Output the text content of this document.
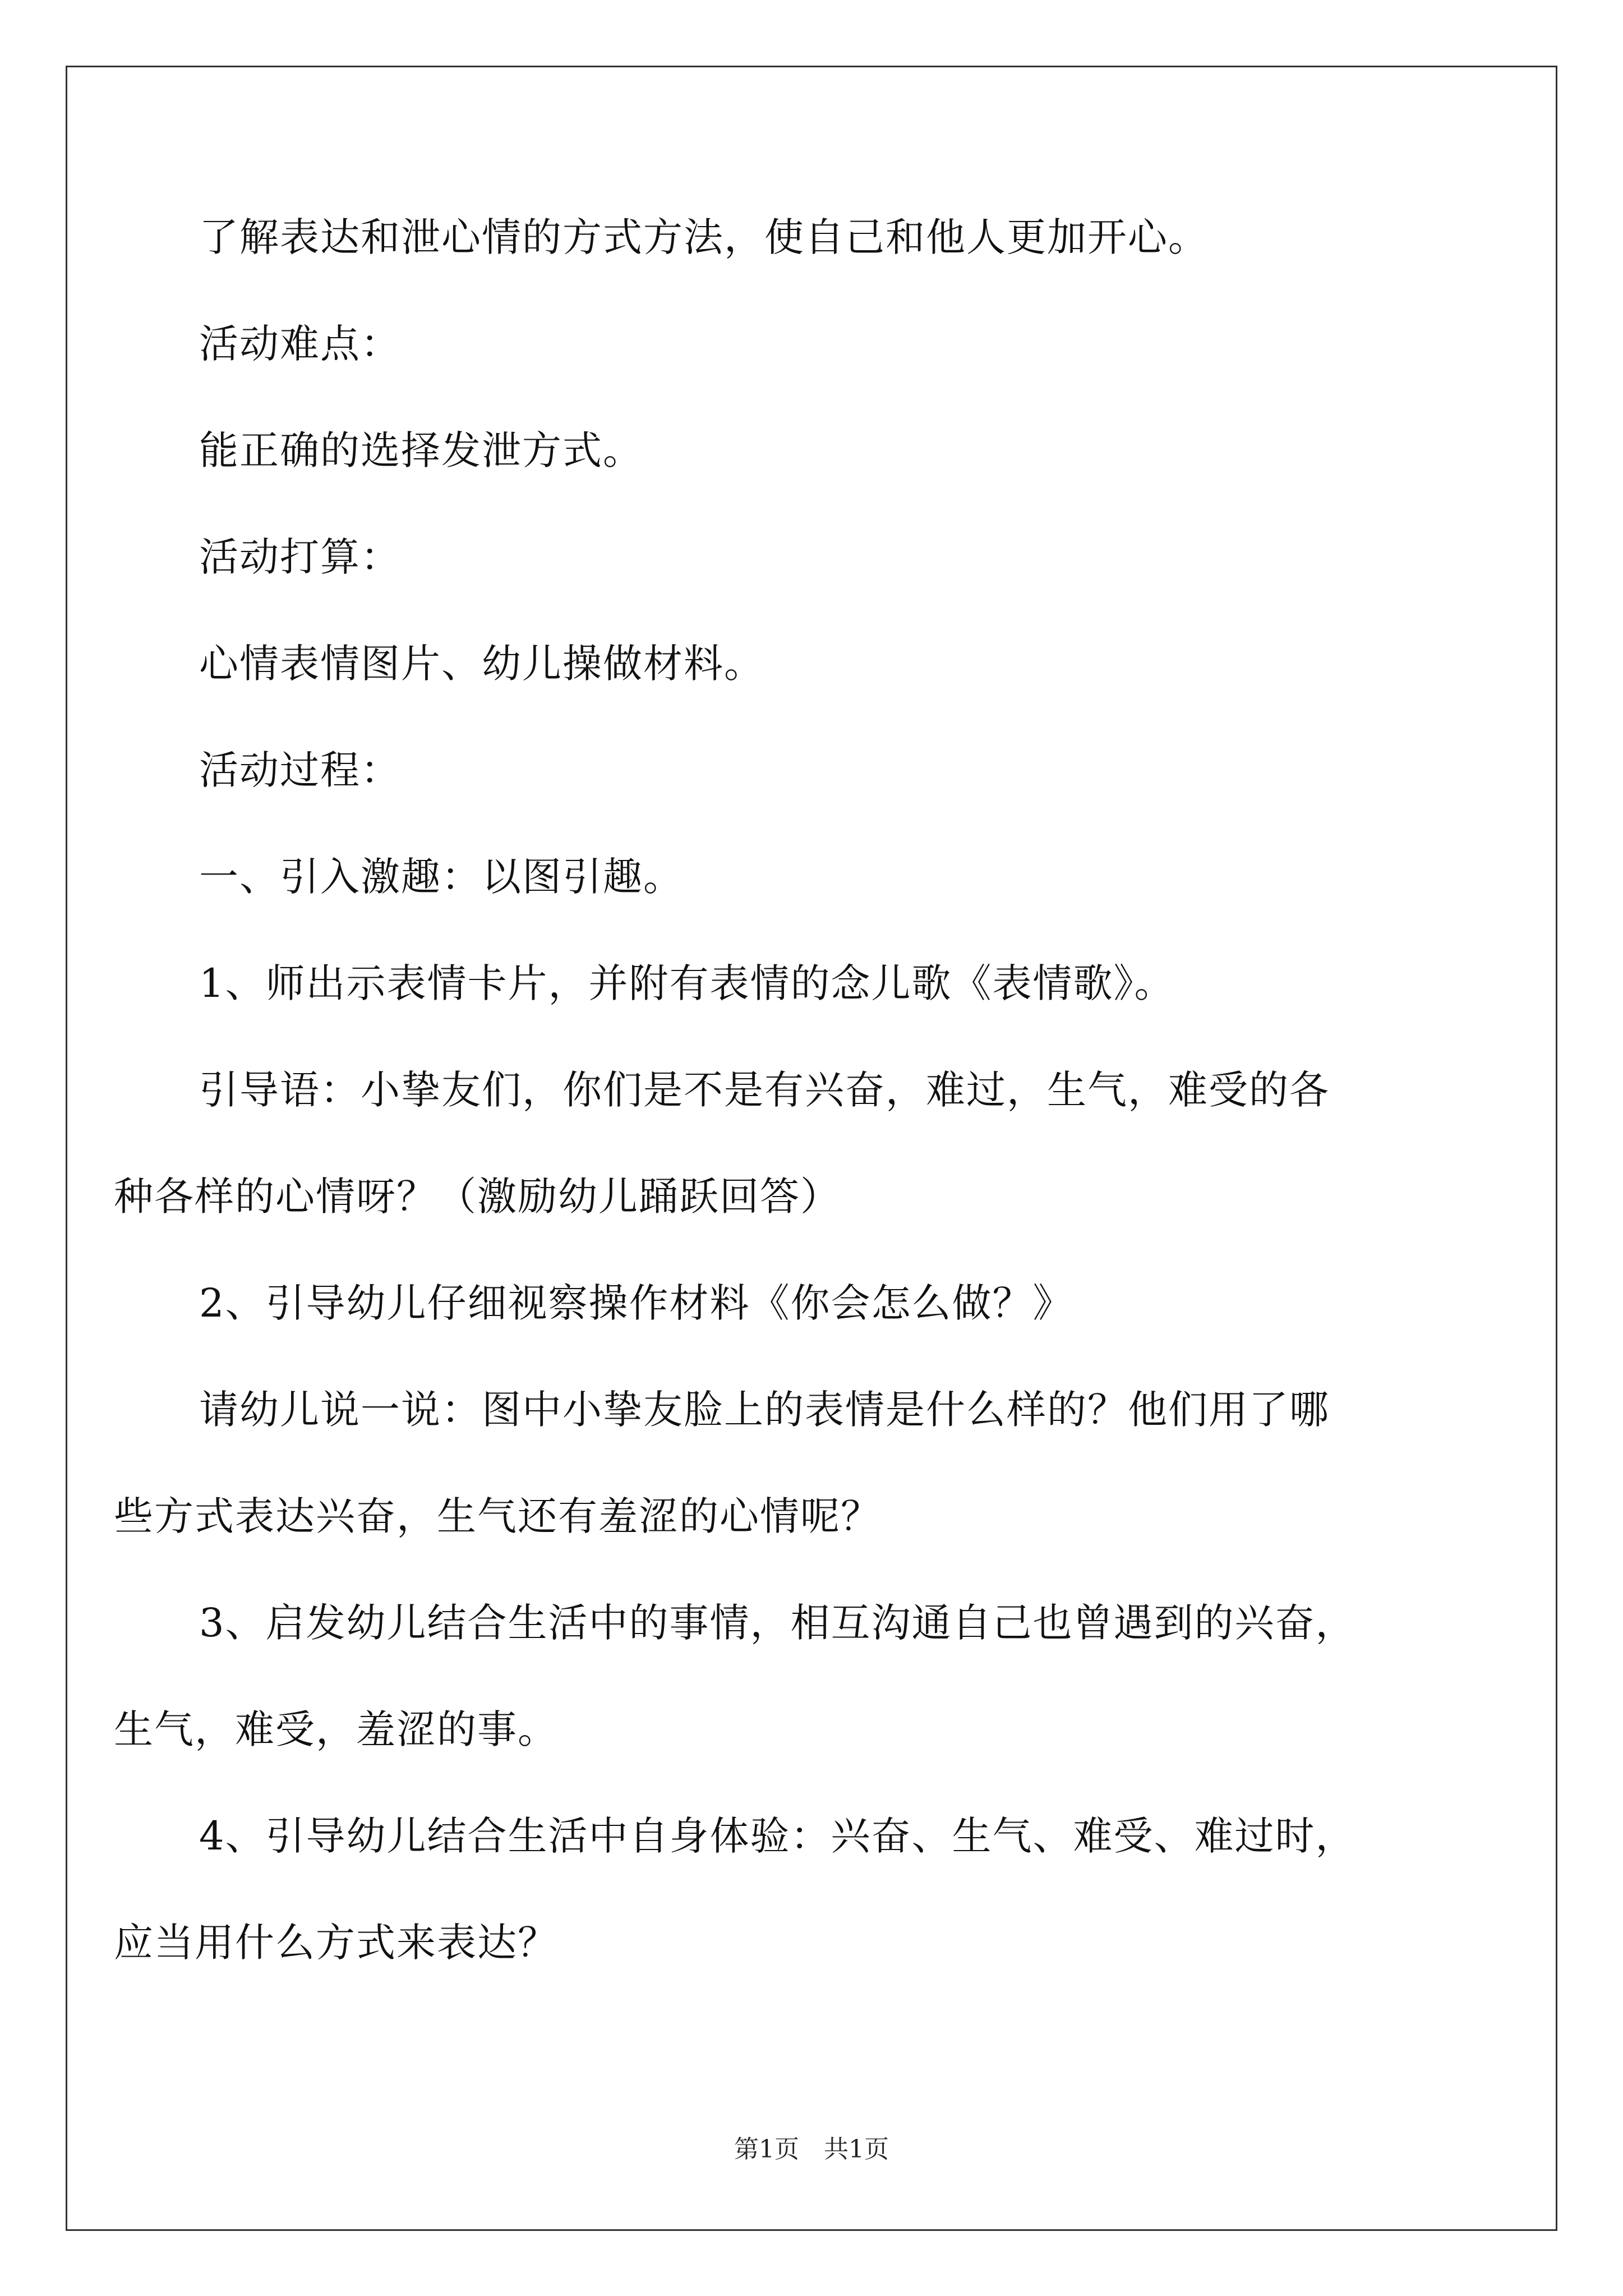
了解表达和泄心情的方式方法，使自己和他人更加开心。
活动难点：
能正确的选择发泄方式。
活动打算：
心情表情图片、幼儿操做材料。
活动过程：
一、引入激趣：以图引趣。
1、师出示表情卡片，并附有表情的念儿歌《表情歌》。
引导语：小挚友们，你们是不是有兴奋，难过，生气，难受的各
种各样的心情呀？（激励幼儿踊跃回答）
2、引导幼儿仔细视察操作材料《你会怎么做？》
请幼儿说一说：图中小挚友脸上的表情是什么样的？他们用了哪
些方式表达兴奋，生气还有羞涩的心情呢？
3、启发幼儿结合生活中的事情，相互沟通自己也曾遇到的兴奋，
生气，难受，羞涩的事。
4、引导幼儿结合生活中自身体验：兴奋、生气、难受、难过时，
应当用什么方式来表达？
第1页　共1页
